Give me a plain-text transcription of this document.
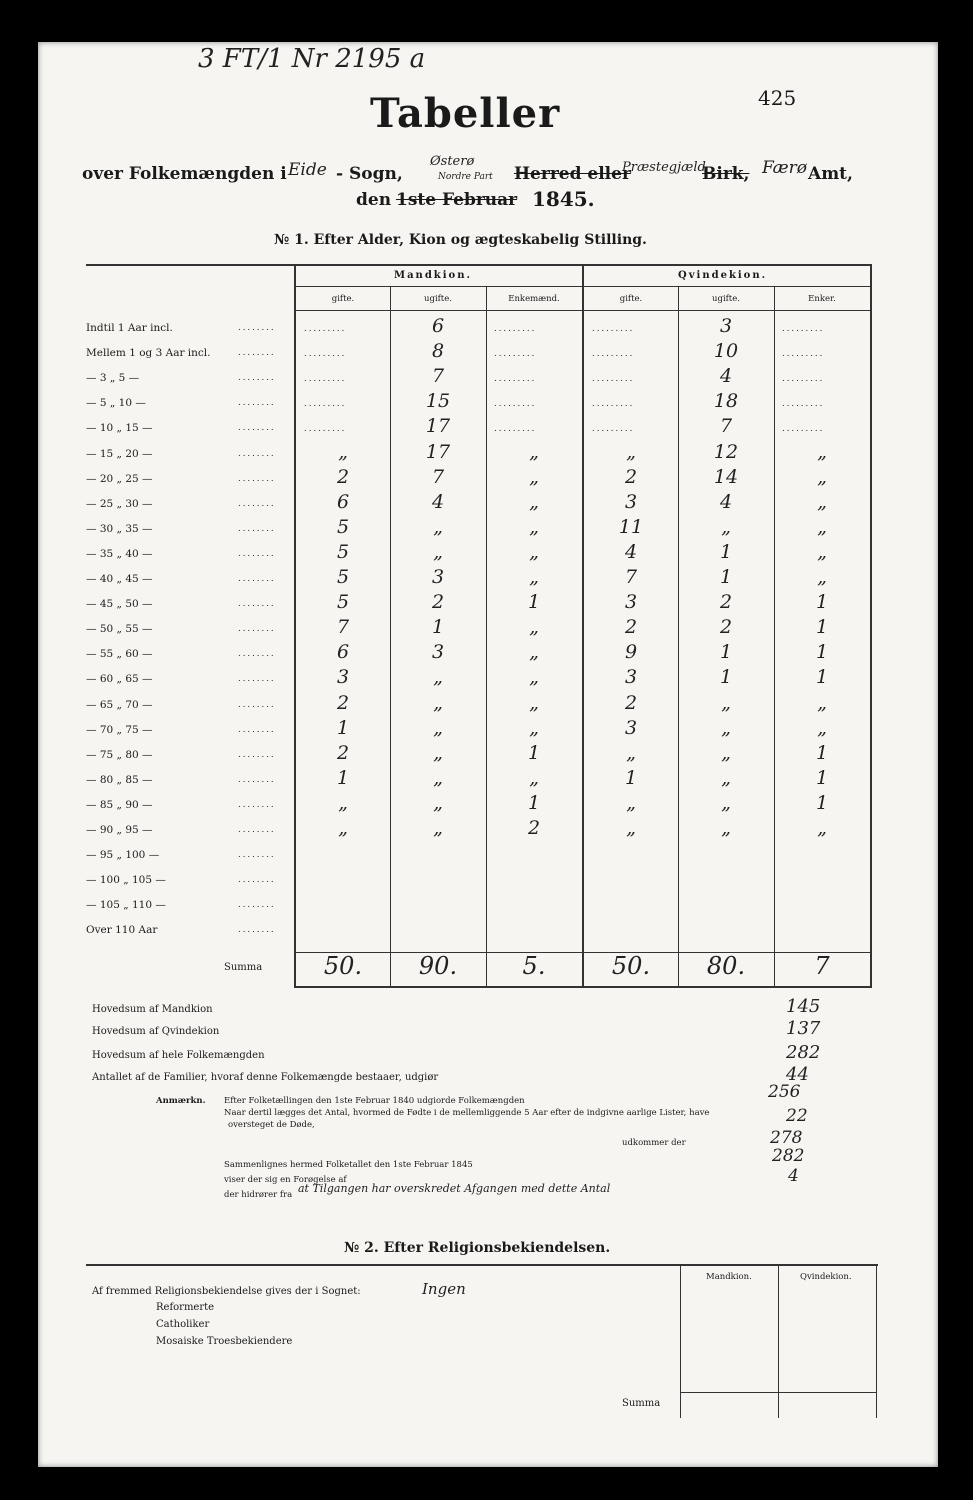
3 FT/1 Nr 2195 a
425
Tabeller
over Folkemængden i Eide - Sogn,
Østerø
Nordre Part Herred eller
Præstegjæld
Birk, Færø Amt,
den 1ste Februar 1845.
№ 1. Efter Alder, Kion og ægteskabelig Stilling.
Mandkion.	Qvindekion.
gifte.	ugifte.	Enkemænd.	gifte.	ugifte.	Enker.
Indtil 1 Aar incl.	........	.........	6	.........	.........	3	.........
Mellem 1 og 3 Aar incl.	........	.........	8	.........	.........	10	.........
— 3 „ 5 —	........	.........	7	.........	.........	4	.........
— 5 „ 10 —	........	.........	15	.........	.........	18	.........
— 10 „ 15 —	........	.........	17	.........	.........	7	.........
— 15 „ 20 —	........	„	17	„	„	12	„
— 20 „ 25 —	........	2	7	„	2	14	„
— 25 „ 30 —	........	6	4	„	3	4	„
— 30 „ 35 —	........	5	„	„	11	„	„
— 35 „ 40 —	........	5	„	„	4	1	„
— 40 „ 45 —	........	5	3	„	7	1	„
— 45 „ 50 —	........	5	2	1	3	2	1
— 50 „ 55 —	........	7	1	„	2	2	1
— 55 „ 60 —	........	6	3	„	9	1	1
— 60 „ 65 —	........	3	„	„	3	1	1
— 65 „ 70 —	........	2	„	„	2	„	„
— 70 „ 75 —	........	1	„	„	3	„	„
— 75 „ 80 —	........	2	„	1	„	„	1
— 80 „ 85 —	........	1	„	„	1	„	1
— 85 „ 90 —	........	„	„	1	„	„	1
— 90 „ 95 —	........	„	„	2	„	„	„
— 95 „ 100 —	........
— 100 „ 105 —	........
— 105 „ 110 —	........
Over 110 Aar	........
Summa	50.	90.	5.	50.	80.	7
Hovedsum af Mandkion	145
Hovedsum af Qvindekion	137
Hovedsum af hele Folkemængden	282
Antallet af de Familier, hvoraf denne Folkemængde bestaaer, udgiør	44
Anmærkn. Efter Folketællingen den 1ste Februar 1840 udgiorde Folkemængden	256
Naar dertil lægges det Antal, hvormed de Fødte i de mellemliggende 5 Aar efter de indgivne aarlige Lister, have
oversteget de Døde,	22
udkommer der	278
Sammenlignes hermed Folketallet den 1ste Februar 1845	282
viser der sig en Forøgelse af	4
der hidrører fra at Tilgangen har overskredet Afgangen med dette Antal
№ 2. Efter Religionsbekiendelsen.
Mandkion.	Qvindekion.
Af fremmed Religionsbekiendelse gives der i Sognet:	Ingen
Reformerte
Catholiker
Mosaiske Troesbekiendere
Summa
